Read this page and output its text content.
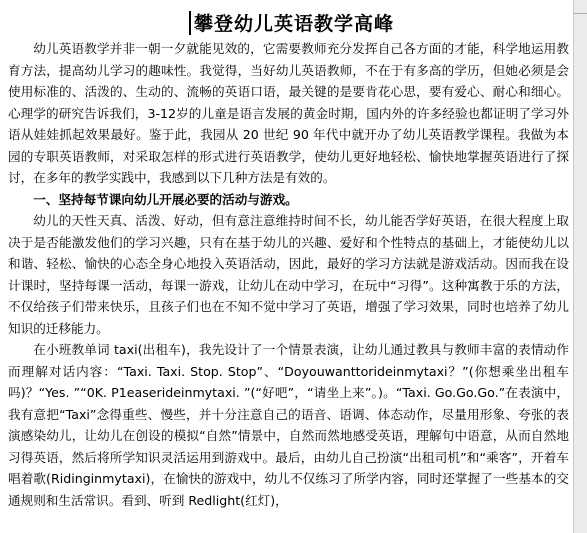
攀登幼儿英语教学高峰

幼儿英语教学并非一朝一夕就能见效的，它需要教师充分发挥自己各方面的才能，科学地运用教育方法，提高幼儿学习的趣味性。我觉得，当好幼儿英语教师，不在于有多高的学历，但她必须是会使用标准的、活泼的、生动的、流畅的英语口语，最关键的是要肯花心思，要有爱心、耐心和细心。心理学的研究告诉我们，3-12岁的儿童是语言发展的黄金时期，国内外的许多经验也都证明了学习外语从娃娃抓起效果最好。鉴于此，我园从 20 世纪 90 年代中就开办了幼儿英语教学课程。我做为本园的专职英语教师，对采取怎样的形式进行英语教学，使幼儿更好地轻松、愉快地掌握英语进行了探讨，在多年的教学实践中，我感到以下几种方法是有效的。

一、坚持每节课向幼儿开展必要的活动与游戏。

幼儿的天性天真、活泼、好动，但有意注意维持时间不长，幼儿能否学好英语，在很大程度上取决于是否能激发他们的学习兴趣，只有在基于幼儿的兴趣、爱好和个性特点的基础上，才能使幼儿以和谐、轻松、愉快的心态全身心地投入英语活动，因此，最好的学习方法就是游戏活动。因而我在设计课时，坚持每课一活动，每课一游戏，让幼儿在动中学习，在玩中“习得”。这种寓教于乐的方法，不仅给孩子们带来快乐，且孩子们也在不知不觉中学习了英语，增强了学习效果，同时也培养了幼儿知识的迁移能力。

在小班教单词 taxi(出租车)，我先设计了一个情景表演，让幼儿通过教具与教师丰富的表情动作而理解对话内容：“Taxi. Taxi. Stop. Stop”、“Doyouwanttorideinmytaxi？”(你想乘坐出租车吗)？“Yes. ”“0K. P1easerideinmytaxi. ”(“好吧”，“请坐上来”。)。“Taxi. Go.Go.Go.”在表演中，我有意把“Taxi”念得重些、慢些，并十分注意自己的语音、语调、体态动作，尽量用形象、夸张的表演感染幼儿，让幼儿在创设的模拟“自然”情景中，自然而然地感受英语，理解句中语意，从而自然地习得英语，然后将所学知识灵活运用到游戏中。最后，由幼儿自己扮演“出租司机”和“乘客”，开着车唱着歌(Ridinginmytaxi)，在愉快的游戏中，幼儿不仅练习了所学内容，同时还掌握了一些基本的交通规则和生活常识。看到、听到 Redlight(红灯)，
